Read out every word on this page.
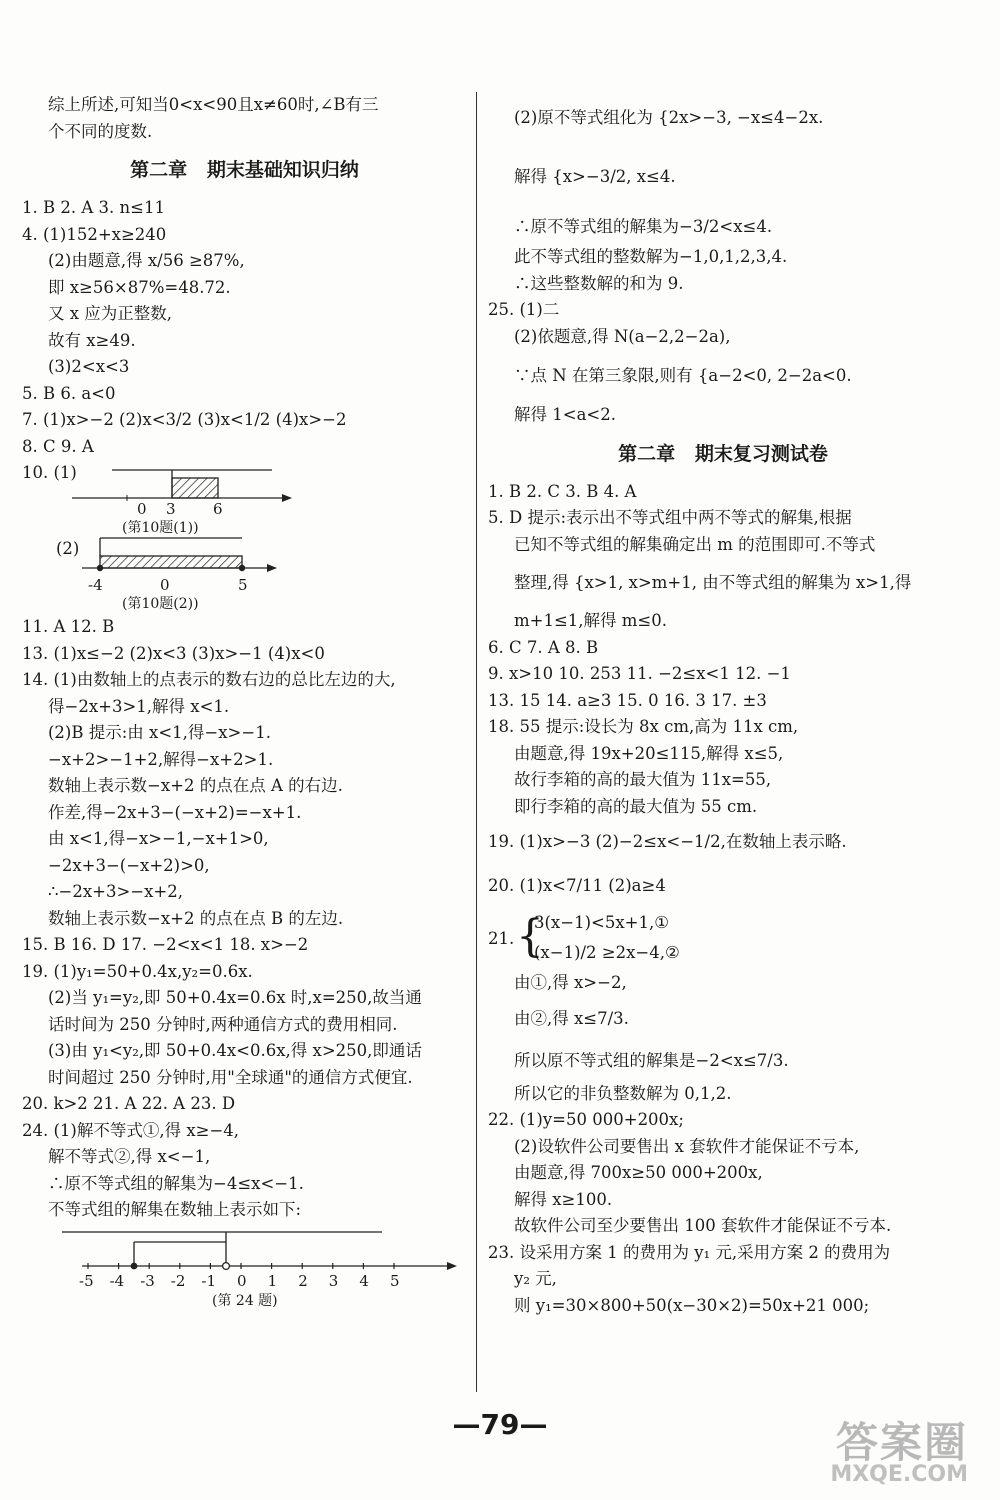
综上所述,可知当0<x<90且x≠60时,∠B有三
个不同的度数.
第二章   期末基础知识归纳
1. B 2. A 3. n≤11
4. (1)152+x≥240
(2)由题意,得 x/56 ≥87%,
即 x≥56×87%=48.72.
又 x 应为正整数,
故有 x≥49.
(3)2<x<3
5. B 6. a<0
7. (1)x>−2 (2)x<3/2 (3)x<1/2 (4)x>−2
8. C 9. A
10. (1)
0 3 6
(第10题(1))
(2)
-4	0	5
(第10题(2))
11. A 12. B
13. (1)x≤−2 (2)x<3 (3)x>−1 (4)x<0
14. (1)由数轴上的点表示的数右边的总比左边的大,
得−2x+3>1,解得 x<1.
(2)B 提示:由 x<1,得−x>−1.
−x+2>−1+2,解得−x+2>1.
数轴上表示数−x+2 的点在点 A 的右边.
作差,得−2x+3−(−x+2)=−x+1.
由 x<1,得−x>−1,−x+1>0,
−2x+3−(−x+2)>0,
∴−2x+3>−x+2,
数轴上表示数−x+2 的点在点 B 的左边.
15. B 16. D 17. −2<x<1 18. x>−2
19. (1)y₁=50+0.4x,y₂=0.6x.
(2)当 y₁=y₂,即 50+0.4x=0.6x 时,x=250,故当通
话时间为 250 分钟时,两种通信方式的费用相同.
(3)由 y₁<y₂,即 50+0.4x<0.6x,得 x>250,即通话
时间超过 250 分钟时,用"全球通"的通信方式便宜.
20. k>2 21. A 22. A 23. D
24. (1)解不等式①,得 x≥−4,
解不等式②,得 x<−1,
∴原不等式组的解集为−4≤x<−1.
不等式组的解集在数轴上表示如下:
-5 -4 -3 -2 -1 0 1 2 3 4 5
(第 24 题)
(2)原不等式组化为 {2x>−3, −x≤4−2x.
解得 {x>−3/2, x≤4.
∴原不等式组的解集为−3/2<x≤4.
此不等式组的整数解为−1,0,1,2,3,4.
∴这些整数解的和为 9.
25. (1)二
(2)依题意,得 N(a−2,2−2a),
∵点 N 在第三象限,则有 {a−2<0, 2−2a<0.
解得 1<a<2.
第二章   期末复习测试卷
1. B 2. C 3. B 4. A
5. D 提示:表示出不等式组中两不等式的解集,根据
已知不等式组的解集确定出 m 的范围即可.不等式
整理,得 {x>1, x>m+1, 由不等式组的解集为 x>1,得
m+1≤1,解得 m≤0.
6. C 7. A 8. B
9. x>10 10. 253 11. −2≤x<1 12. −1
13. 15 14. a≥3 15. 0 16. 3 17. ±3
18. 55 提示:设长为 8x cm,高为 11x cm,
由题意,得 19x+20≤115,解得 x≤5,
故行李箱的高的最大值为 11x=55,
即行李箱的高的最大值为 55 cm.
19. (1)x>−3 (2)−2≤x<−1/2,在数轴上表示略.
20. (1)x<7/11 (2)a≥4
21. {
3(x−1)<5x+1,①
(x−1)/2 ≥2x−4,②
由①,得 x>−2,
由②,得 x≤7/3.
所以原不等式组的解集是−2<x≤7/3.
所以它的非负整数解为 0,1,2.
22. (1)y=50 000+200x;
(2)设软件公司要售出 x 套软件才能保证不亏本,
由题意,得 700x≥50 000+200x,
解得 x≥100.
故软件公司至少要售出 100 套软件才能保证不亏本.
23. 设采用方案 1 的费用为 y₁ 元,采用方案 2 的费用为
y₂ 元,
则 y₁=30×800+50(x−30×2)=50x+21 000;
—79—	答案圈
MXQE.COM
